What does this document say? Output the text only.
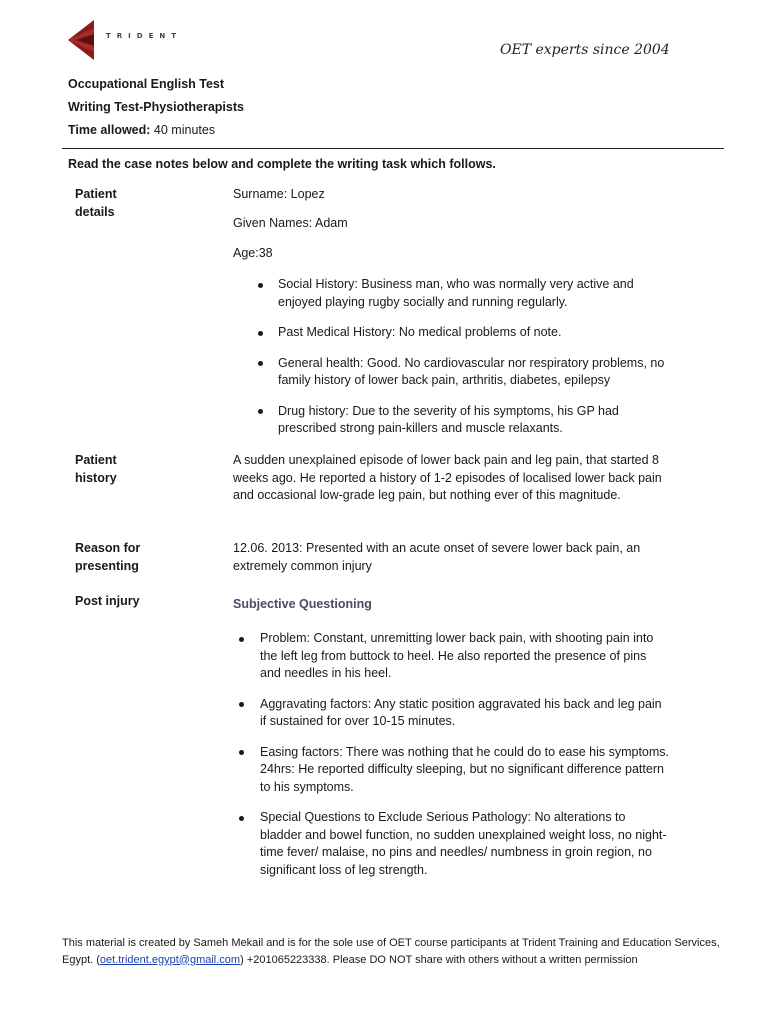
TRIDENT
OET experts since 2004
Occupational English Test
Writing Test-Physiotherapists
Time allowed: 40 minutes
Read the case notes below and complete the writing task which follows.
Patient
details
Surname: Lopez
Given Names: Adam
Age:38
Social History: Business man, who was normally very active and enjoyed playing rugby socially and running regularly.
Past Medical History: No medical problems of note.
General health: Good. No cardiovascular nor respiratory problems, no family history of lower back pain, arthritis, diabetes, epilepsy
Drug history: Due to the severity of his symptoms, his GP had prescribed strong pain-killers and muscle relaxants.
Patient
history
A sudden unexplained episode of lower back pain and leg pain, that started 8 weeks ago. He reported a history of 1-2 episodes of localised lower back pain and occasional low-grade leg pain, but nothing ever of this magnitude.
Reason for
presenting
12.06. 2013: Presented with an acute onset of severe lower back pain, an extremely common injury
Post injury	Subjective Questioning
Problem: Constant, unremitting lower back pain, with shooting pain into the left leg from buttock to heel. He also reported the presence of pins and needles in his heel.
Aggravating factors: Any static position aggravated his back and leg pain if sustained for over 10-15 minutes.
Easing factors: There was nothing that he could do to ease his symptoms.
24hrs: He reported difficulty sleeping, but no significant difference pattern to his symptoms.
Special Questions to Exclude Serious Pathology: No alterations to bladder and bowel function, no sudden unexplained weight loss, no night-time fever/ malaise, no pins and needles/ numbness in groin region, no significant loss of leg strength.
This material is created by Sameh Mekail and is for the sole use of OET course participants at Trident Training and Education Services, Egypt. (oet.trident.egypt@gmail.com) +201065223338. Please DO NOT share with others without a written permission
